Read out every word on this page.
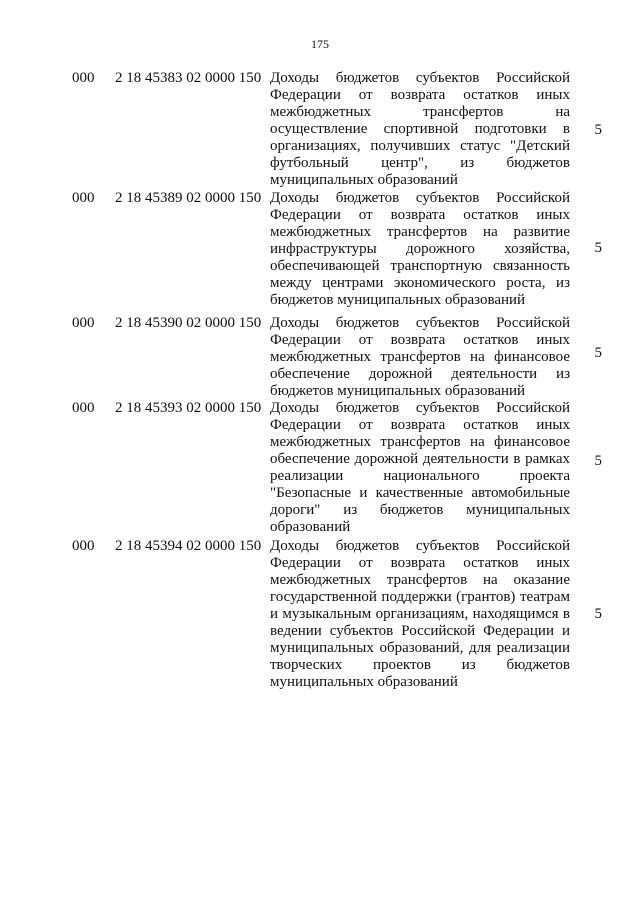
175
000	2 18 45383 02 0000 150 Доходы бюджетов субъектов Российской Федерации от возврата остатков иных межбюджетных трансфертов на осуществление спортивной подготовки в организациях, получивших статус "Детский футбольный центр", из бюджетов муниципальных образований
5
000	2 18 45389 02 0000 150 Доходы бюджетов субъектов Российской Федерации от возврата остатков иных межбюджетных трансфертов на развитие инфраструктуры дорожного хозяйства, обеспечивающей транспортную связанность между центрами экономического роста, из бюджетов муниципальных образований
5
000	2 18 45390 02 0000 150 Доходы бюджетов субъектов Российской Федерации от возврата остатков иных межбюджетных трансфертов на финансовое обеспечение дорожной деятельности из бюджетов муниципальных образований
5
000	2 18 45393 02 0000 150 Доходы бюджетов субъектов Российской Федерации от возврата остатков иных межбюджетных трансфертов на финансовое обеспечение дорожной деятельности в рамках реализации национального проекта "Безопасные и качественные автомобильные дороги" из бюджетов муниципальных образований
5
000	2 18 45394 02 0000 150 Доходы бюджетов субъектов Российской Федерации от возврата остатков иных межбюджетных трансфертов на оказание государственной поддержки (грантов) театрам и музыкальным организациям, находящимся в ведении субъектов Российской Федерации и муниципальных образований, для реализации творческих проектов из бюджетов муниципальных образований
5
